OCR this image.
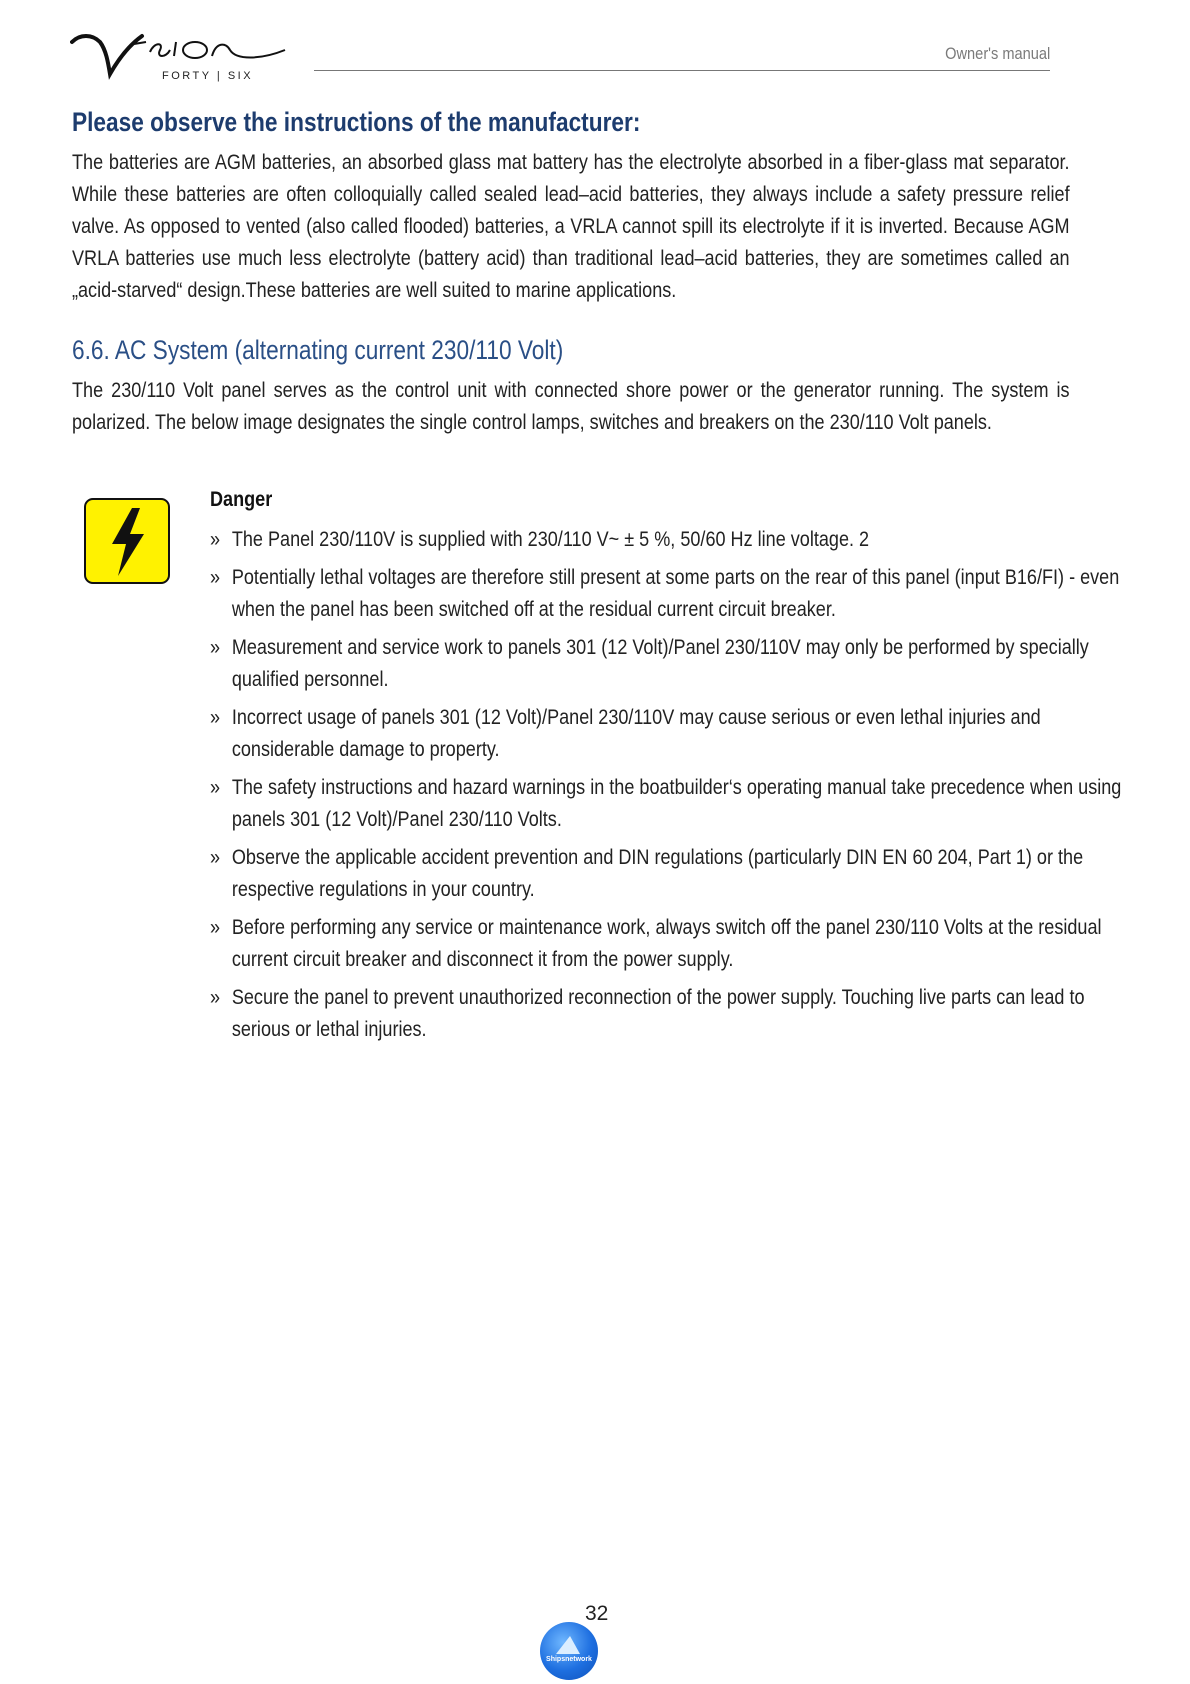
FORTY | SIX
Owner's manual
Please observe the instructions of the manufacturer:

The batteries are AGM batteries, an absorbed glass mat battery has the electrolyte absorbed in a fiber-glass mat separator. While these batteries are often colloquially called sealed lead–acid batteries, they always include a safety pressure relief valve. As opposed to vented (also called flooded) batteries, a VRLA cannot spill its electrolyte if it is inverted. Because AGM VRLA batteries use much less electrolyte (battery acid) than traditional lead–acid batteries, they are sometimes called an „acid-starved“ design.These batteries are well suited to marine applications.

6.6. AC System (alternating current 230/110 Volt)

The 230/110 Volt panel serves as the control unit with connected shore power or the generator running. The system is polarized. The below image designates the single control lamps, switches and breakers on the 230/110 Volt panels.

Danger
» The Panel 230/110V is supplied with 230/110 V~ ± 5 %, 50/60 Hz line voltage. 2
» Potentially lethal voltages are therefore still present at some parts on the rear of this panel (input B16/FI) - even when the panel has been switched off at the residual current circuit breaker.
» Measurement and service work to panels 301 (12 Volt)/Panel 230/110V may only be performed by specially qualified personnel.
» Incorrect usage of panels 301 (12 Volt)/Panel 230/110V may cause serious or even lethal injuries and considerable damage to property.
» The safety instructions and hazard warnings in the boatbuilder‘s operating manual take precedence when using panels 301 (12 Volt)/Panel 230/110 Volts.
» Observe the applicable accident prevention and DIN regulations (particularly DIN EN 60 204, Part 1) or the respective regulations in your country.
» Before performing any service or maintenance work, always switch off the panel 230/110 Volts at the residual current circuit breaker and disconnect it from the power supply.
» Secure the panel to prevent unauthorized reconnection of the power supply. Touching live parts can lead to serious or lethal injuries.
32
Shipsnetwork
